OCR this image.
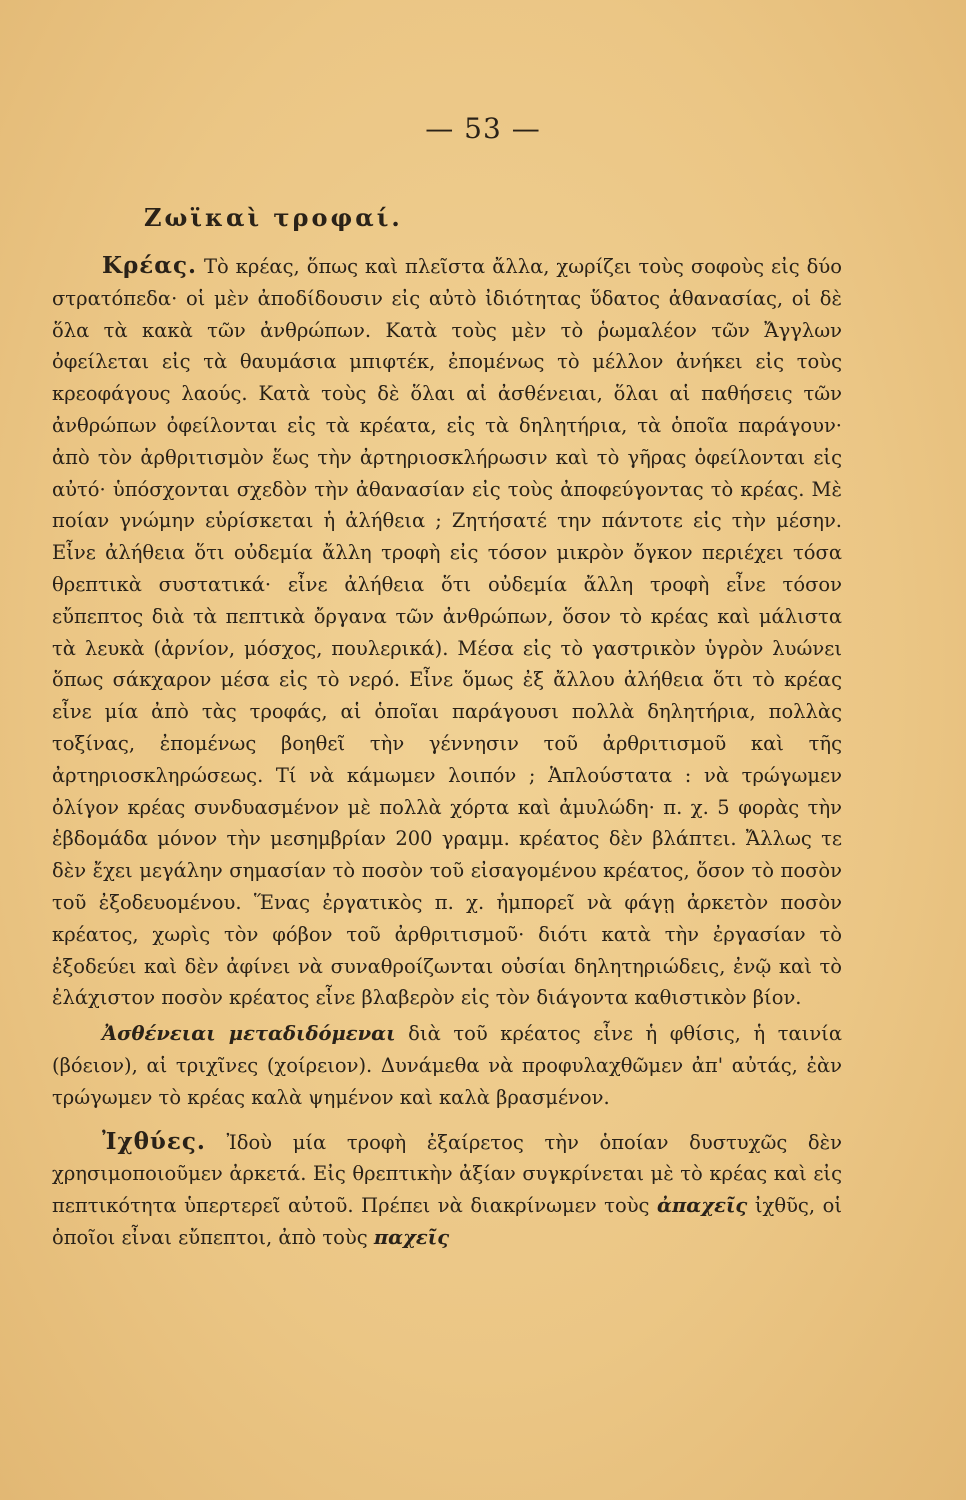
— 53 —
Ζωϊκαὶ τροφαί.

Κρέας. Τὸ κρέας, ὅπως καὶ πλεῖστα ἄλλα, χωρίζει τοὺς σοφοὺς εἰς δύο στρατόπεδα· οἱ μὲν ἀποδίδουσιν εἰς αὐτὸ ἰδιότητας ὕδατος ἀθανασίας, οἱ δὲ ὅλα τὰ κακὰ τῶν ἀνθρώπων. Κατὰ τοὺς μὲν τὸ ῥωμαλέον τῶν Ἄγγλων ὀφείλεται εἰς τὰ θαυμάσια μπιφτέκ, ἐπομένως τὸ μέλλον ἀνήκει εἰς τοὺς κρεοφάγους λαούς. Κατὰ τοὺς δὲ ὅλαι αἱ ἀσθένειαι, ὅλαι αἱ παθήσεις τῶν ἀνθρώπων ὀφείλονται εἰς τὰ κρέατα, εἰς τὰ δηλητήρια, τὰ ὁποῖα παράγουν· ἀπὸ τὸν ἀρθριτισμὸν ἕως τὴν ἀρτηριοσκλήρωσιν καὶ τὸ γῆρας ὀφείλονται εἰς αὐτό· ὑπόσχονται σχεδὸν τὴν ἀθανασίαν εἰς τοὺς ἀποφεύγοντας τὸ κρέας. Μὲ ποίαν γνώμην εὑρίσκεται ἡ ἀλήθεια ; Ζητήσατέ την πάντοτε εἰς τὴν μέσην. Εἶνε ἀλήθεια ὅτι οὐδεμία ἄλλη τροφὴ εἰς τόσον μικρὸν ὄγκον περιέχει τόσα θρεπτικὰ συστατικά· εἶνε ἀλήθεια ὅτι οὐδεμία ἄλλη τροφὴ εἶνε τόσον εὔπεπτος διὰ τὰ πεπτικὰ ὄργανα τῶν ἀνθρώπων, ὅσον τὸ κρέας καὶ μάλιστα τὰ λευκὰ (ἀρνίον, μόσχος, πουλερικά). Μέσα εἰς τὸ γαστρικὸν ὑγρὸν λυώνει ὅπως σάκχαρον μέσα εἰς τὸ νερό. Εἶνε ὅμως ἐξ ἄλλου ἀλήθεια ὅτι τὸ κρέας εἶνε μία ἀπὸ τὰς τροφάς, αἱ ὁποῖαι παράγουσι πολλὰ δηλητήρια, πολλὰς τοξίνας, ἐπομένως βοηθεῖ τὴν γέννησιν τοῦ ἀρθριτισμοῦ καὶ τῆς ἀρτηριοσκληρώσεως. Τί νὰ κάμωμεν λοιπόν ; Ἁπλούστατα : νὰ τρώγωμεν ὀλίγον κρέας συνδυασμένον μὲ πολλὰ χόρτα καὶ ἀμυλώδη· π. χ. 5 φορὰς τὴν ἑβδομάδα μόνον τὴν μεσημβρίαν 200 γραμμ. κρέατος δὲν βλάπτει. Ἄλλως τε δὲν ἔχει μεγάλην σημασίαν τὸ ποσὸν τοῦ εἰσαγομένου κρέατος, ὅσον τὸ ποσὸν τοῦ ἐξοδευομένου. Ἕνας ἐργατικὸς π. χ. ἠμπορεῖ νὰ φάγῃ ἀρκετὸν ποσὸν κρέατος, χωρὶς τὸν φόβον τοῦ ἀρθριτισμοῦ· διότι κατὰ τὴν ἐργασίαν τὸ ἐξοδεύει καὶ δὲν ἀφίνει νὰ συναθροίζωνται οὐσίαι δηλητηριώδεις, ἐνῷ καὶ τὸ ἐλάχιστον ποσὸν κρέατος εἶνε βλαβερὸν εἰς τὸν διάγοντα καθιστικὸν βίον.

Ἀσθένειαι μεταδιδόμεναι διὰ τοῦ κρέατος εἶνε ἡ φθίσις, ἡ ταινία (βόειον), αἱ τριχῖνες (χοίρειον). Δυνάμεθα νὰ προφυλαχθῶμεν ἀπ' αὐτάς, ἐὰν τρώγωμεν τὸ κρέας καλὰ ψημένον καὶ καλὰ βρασμένον.

Ἰχθύες. Ἰδοὺ μία τροφὴ ἐξαίρετος τὴν ὁποίαν δυστυχῶς δὲν χρησιμοποιοῦμεν ἀρκετά. Εἰς θρεπτικὴν ἀξίαν συγκρίνεται μὲ τὸ κρέας καὶ εἰς πεπτικότητα ὑπερτερεῖ αὐτοῦ. Πρέπει νὰ διακρίνωμεν τοὺς ἀπαχεῖς ἰχθῦς, οἱ ὁποῖοι εἶναι εὔπεπτοι, ἀπὸ τοὺς παχεῖς
